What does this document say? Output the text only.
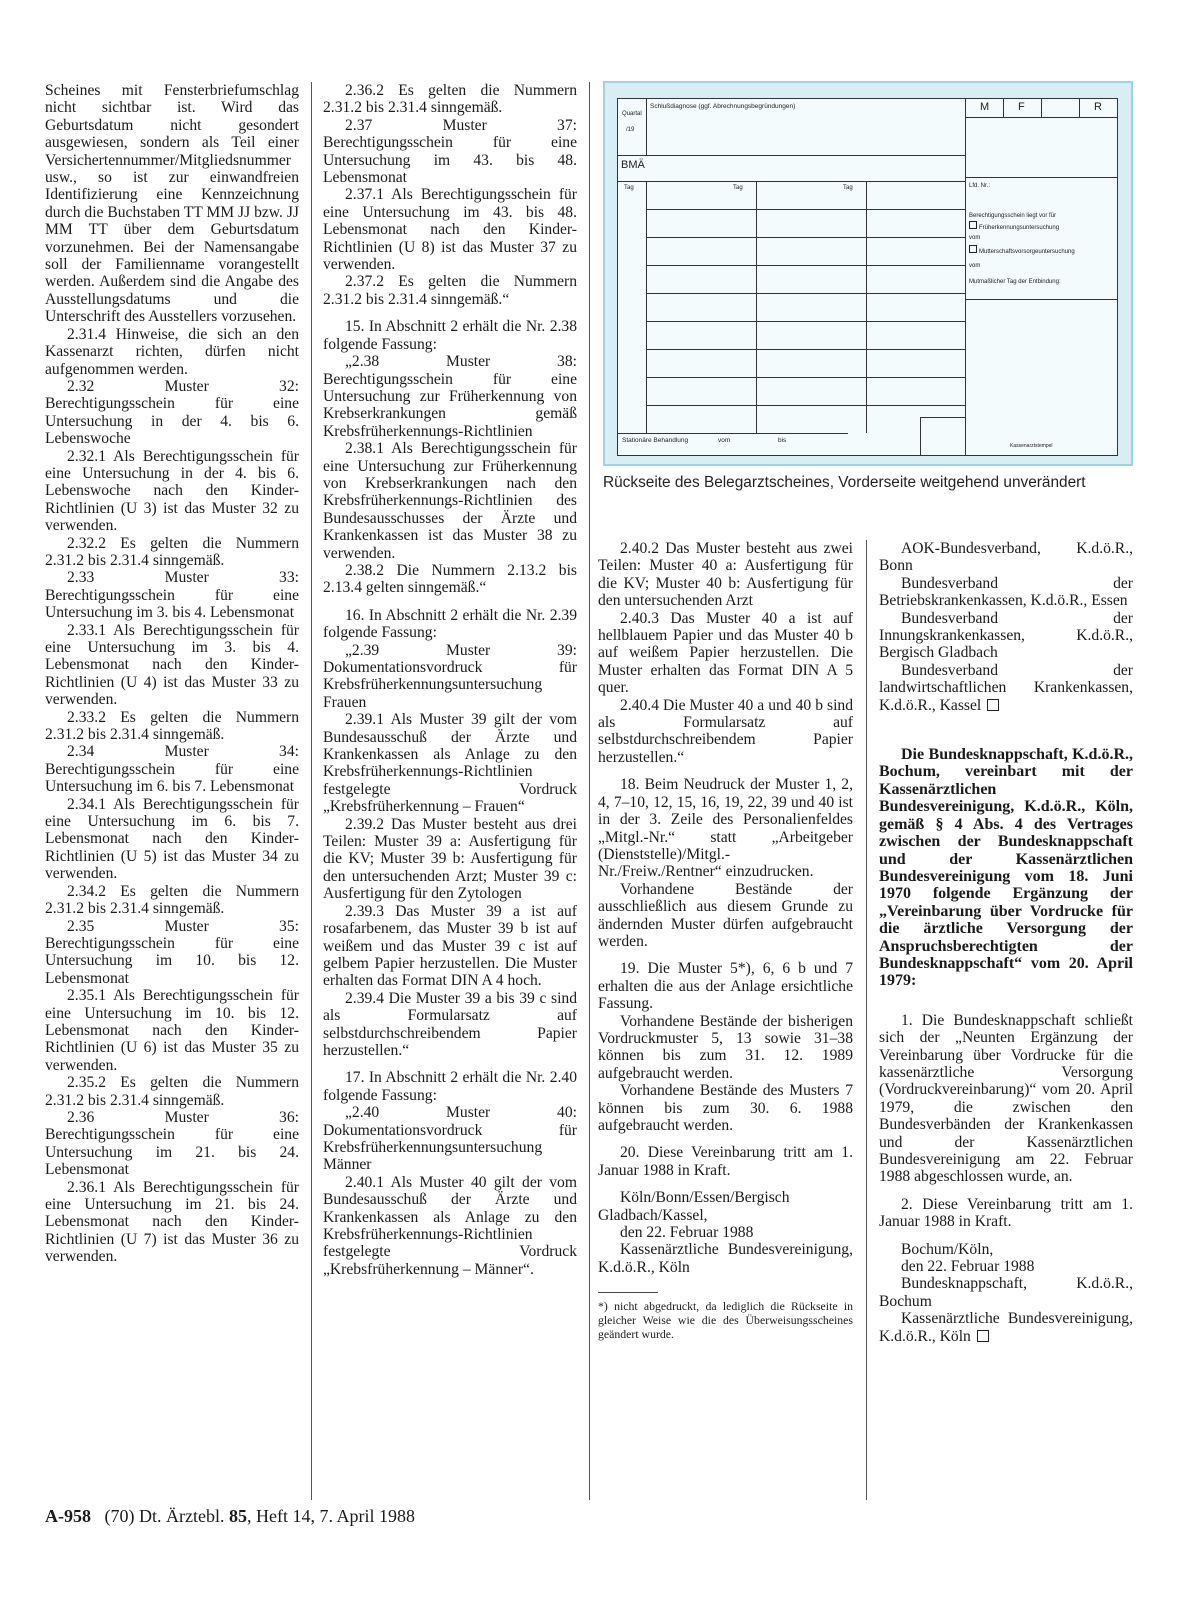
Scheines mit Fensterbriefumschlag nicht sichtbar ist. Wird das Geburtsdatum nicht gesondert ausgewiesen, sondern als Teil einer Versichertennummer/Mitgliedsnummer usw., so ist zur einwandfreien Identifizierung eine Kennzeichnung durch die Buchstaben TT MM JJ bzw. JJ MM TT über dem Geburtsdatum vorzunehmen. Bei der Namensangabe soll der Familienname vorangestellt werden. Außerdem sind die Angabe des Ausstellungsdatums und die Unterschrift des Ausstellers vorzusehen.

2.31.4 Hinweise, die sich an den Kassenarzt richten, dürfen nicht aufgenommen werden.

2.32 Muster 32: Berechtigungsschein für eine Untersuchung in der 4. bis 6. Lebenswoche

2.32.1 Als Berechtigungsschein für eine Untersuchung in der 4. bis 6. Lebenswoche nach den Kinder-Richtlinien (U 3) ist das Muster 32 zu verwenden.

2.32.2 Es gelten die Nummern 2.31.2 bis 2.31.4 sinngemäß.

2.33 Muster 33: Berechtigungsschein für eine Untersuchung im 3. bis 4. Lebensmonat

2.33.1 Als Berechtigungsschein für eine Untersuchung im 3. bis 4. Lebensmonat nach den Kinder-Richtlinien (U 4) ist das Muster 33 zu verwenden.

2.33.2 Es gelten die Nummern 2.31.2 bis 2.31.4 sinngemäß.

2.34 Muster 34: Berechtigungsschein für eine Untersuchung im 6. bis 7. Lebensmonat

2.34.1 Als Berechtigungsschein für eine Untersuchung im 6. bis 7. Lebensmonat nach den Kinder-Richtlinien (U 5) ist das Muster 34 zu verwenden.

2.34.2 Es gelten die Nummern 2.31.2 bis 2.31.4 sinngemäß.

2.35 Muster 35: Berechtigungsschein für eine Untersuchung im 10. bis 12. Lebensmonat

2.35.1 Als Berechtigungsschein für eine Untersuchung im 10. bis 12. Lebensmonat nach den Kinder-Richtlinien (U 6) ist das Muster 35 zu verwenden.

2.35.2 Es gelten die Nummern 2.31.2 bis 2.31.4 sinngemäß.

2.36 Muster 36: Berechtigungsschein für eine Untersuchung im 21. bis 24. Lebensmonat

2.36.1 Als Berechtigungsschein für eine Untersuchung im 21. bis 24. Lebensmonat nach den Kinder-Richtlinien (U 7) ist das Muster 36 zu verwenden.

2.36.2 Es gelten die Nummern 2.31.2 bis 2.31.4 sinngemäß.

2.37 Muster 37: Berechtigungsschein für eine Untersuchung im 43. bis 48. Lebensmonat

2.37.1 Als Berechtigungsschein für eine Untersuchung im 43. bis 48. Lebensmonat nach den Kinder-Richtlinien (U 8) ist das Muster 37 zu verwenden.

2.37.2 Es gelten die Nummern 2.31.2 bis 2.31.4 sinngemäß.“

15. In Abschnitt 2 erhält die Nr. 2.38 folgende Fassung:

„2.38 Muster 38: Berechtigungsschein für eine Untersuchung zur Früherkennung von Krebserkrankungen gemäß Krebsfrüherkennungs-Richtlinien

2.38.1 Als Berechtigungsschein für eine Untersuchung zur Früherkennung von Krebserkrankungen nach den Krebsfrüherkennungs-Richtlinien des Bundesausschusses der Ärzte und Krankenkassen ist das Muster 38 zu verwenden.

2.38.2 Die Nummern 2.13.2 bis 2.13.4 gelten sinngemäß.“

16. In Abschnitt 2 erhält die Nr. 2.39 folgende Fassung:

„2.39 Muster 39: Dokumentationsvordruck für Krebsfrüherkennungsuntersuchung Frauen

2.39.1 Als Muster 39 gilt der vom Bundesausschuß der Ärzte und Krankenkassen als Anlage zu den Krebsfrüherkennungs-Richtlinien festgelegte Vordruck „Krebsfrüherkennung – Frauen“

2.39.2 Das Muster besteht aus drei Teilen: Muster 39 a: Ausfertigung für die KV; Muster 39 b: Ausfertigung für den untersuchenden Arzt; Muster 39 c: Ausfertigung für den Zytologen

2.39.3 Das Muster 39 a ist auf rosafarbenem, das Muster 39 b ist auf weißem und das Muster 39 c ist auf gelbem Papier herzustellen. Die Muster erhalten das Format DIN A 4 hoch.

2.39.4 Die Muster 39 a bis 39 c sind als Formularsatz auf selbstdurchschreibendem Papier herzustellen.“

17. In Abschnitt 2 erhält die Nr. 2.40 folgende Fassung:

„2.40 Muster 40: Dokumentationsvordruck für Krebsfrüherkennungsuntersuchung Männer

2.40.1 Als Muster 40 gilt der vom Bundesausschuß der Ärzte und Krankenkassen als Anlage zu den Krebsfrüherkennungs-Richtlinien festgelegte Vordruck „Krebsfrüherkennung – Männer“.

Quartal
/19
Schlußdiagnose (ggf. Abrechnungsbegründungen)
BMÄ
Tag	Tag	Tag
M	F	R
Lfd. Nr.:
Berechtigungsschein liegt vor für
Früherkennungsuntersuchung
vom
Mutterschaftsvorsorgeuntersuchung
vom
Mutmaßlicher Tag der Entbindung:
Stationäre Behandlung	vom	bis
Kassenarztstempel
Rückseite des Belegarztscheines, Vorderseite weitgehend unverändert

2.40.2 Das Muster besteht aus zwei Teilen: Muster 40 a: Ausfertigung für die KV; Muster 40 b: Ausfertigung für den untersuchenden Arzt

2.40.3 Das Muster 40 a ist auf hellblauem Papier und das Muster 40 b auf weißem Papier herzustellen. Die Muster erhalten das Format DIN A 5 quer.

2.40.4 Die Muster 40 a und 40 b sind als Formularsatz auf selbstdurchschreibendem Papier herzustellen.“

18. Beim Neudruck der Muster 1, 2, 4, 7–10, 12, 15, 16, 19, 22, 39 und 40 ist in der 3. Zeile des Personalienfeldes „Mitgl.-Nr.“ statt „Arbeitgeber (Dienststelle)/Mitgl.-Nr./Freiw./Rentner“ einzudrucken.

Vorhandene Bestände der ausschließlich aus diesem Grunde zu ändernden Muster dürfen aufgebraucht werden.

19. Die Muster 5*), 6, 6 b und 7 erhalten die aus der Anlage ersichtliche Fassung.

Vorhandene Bestände der bisherigen Vordruckmuster 5, 13 sowie 31–38 können bis zum 31. 12. 1989 aufgebraucht werden.

Vorhandene Bestände des Musters 7 können bis zum 30. 6. 1988 aufgebraucht werden.

20. Diese Vereinbarung tritt am 1. Januar 1988 in Kraft.

Köln/Bonn/Essen/Bergisch Gladbach/Kassel,

den 22. Februar 1988

Kassenärztliche Bundesvereinigung, K.d.ö.R., Köln

*) nicht abgedruckt, da lediglich die Rückseite in gleicher Weise wie die des Überweisungsscheines geändert wurde.

AOK-Bundesverband, K.d.ö.R., Bonn

Bundesverband der Betriebskrankenkassen, K.d.ö.R., Essen

Bundesverband der Innungskrankenkassen, K.d.ö.R., Bergisch Gladbach

Bundesverband der landwirtschaftlichen Krankenkassen, K.d.ö.R., Kassel

Die Bundesknappschaft, K.d.ö.R., Bochum, vereinbart mit der Kassenärztlichen Bundesvereinigung, K.d.ö.R., Köln, gemäß § 4 Abs. 4 des Vertrages zwischen der Bundesknappschaft und der Kassenärztlichen Bundesvereinigung vom 18. Juni 1970 folgende Ergänzung der „Vereinbarung über Vordrucke für die ärztliche Versorgung der Anspruchsberechtigten der Bundesknappschaft“ vom 20. April 1979:

1. Die Bundesknappschaft schließt sich der „Neunten Ergänzung der Vereinbarung über Vordrucke für die kassenärztliche Versorgung (Vordruckvereinbarung)“ vom 20. April 1979, die zwischen den Bundesverbänden der Krankenkassen und der Kassenärztlichen Bundesvereinigung am 22. Februar 1988 abgeschlossen wurde, an.

2. Diese Vereinbarung tritt am 1. Januar 1988 in Kraft.

Bochum/Köln,

den 22. Februar 1988

Bundesknappschaft, K.d.ö.R., Bochum

Kassenärztliche Bundesvereinigung, K.d.ö.R., Köln

A-958 (70) Dt. Ärztebl. 85, Heft 14, 7. April 1988
